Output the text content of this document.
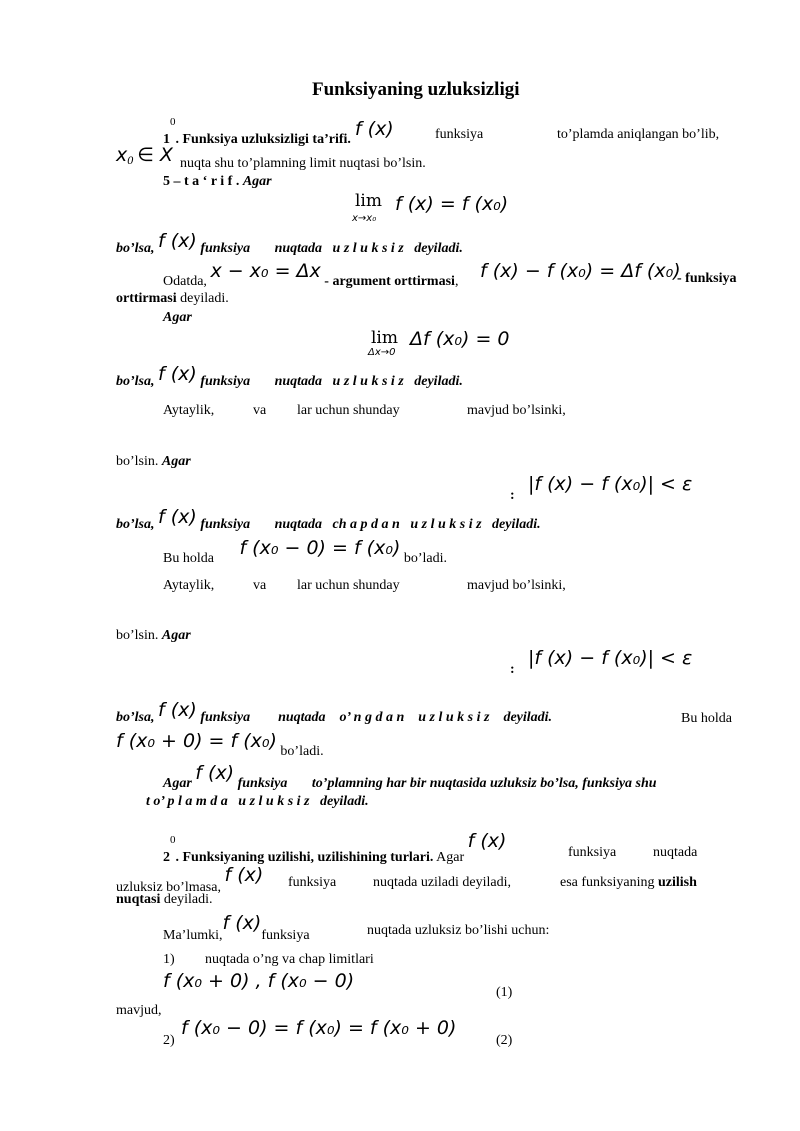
Funksiyaning uzluksizligi
$1^0$. Funksiya uzluksizligi ta’rifi. f (x)	funksiya	to’plamda aniqlangan bo’lib,
x0 ∈ X nuqta shu to’plamning limit nuqtasi bo’lsin.
5 – t a ‘ r i f . Agar
lim
x→x₀
f (x) = f (x₀)
bo’lsa, f (x) funksiya       nuqtada   u z l u k s i z   deyiladi.
Odatda, x − x₀ = Δx - argument orttirmasi, f (x) − f (x₀) = Δf (x₀)
- funksiya
orttirmasi deyiladi.
Agar
lim
Δx→0
Δf (x₀) = 0
bo’lsa, f (x) funksiya       nuqtada   u z l u k s i z   deyiladi.
Aytaylik,	va lar uchun shunday	mavjud bo’lsinki,
bo’lsin. Agar
:
|f (x) − f (x₀)| < ε
bo’lsa, f (x) funksiya       nuqtada   ch a p d a n   u z l u k s i z   deyiladi.
Bu holda f (x₀ − 0) = f (x₀) bo’ladi.
Aytaylik,	va lar uchun shunday	mavjud bo’lsinki,
bo’lsin. Agar
:
|f (x) − f (x₀)| < ε
bo’lsa, f (x) funksiya        nuqtada    o’ n g d a n    u z l u k s i z    deyiladi.	Bu holda
f (x₀ + 0) = f (x₀) bo’ladi.
Agar f (x) funksiya       to’plamning har bir nuqtasida uzluksiz bo’lsa, funksiya shu
t o’ p l a m d a   u z l u k s i z   deyiladi.
$2^0$. Funksiyaning uzilishi, uzilishining turlari. Agar f (x)
funksiya	nuqtada
uzluksiz bo’lmasa, f (x) funksiya	nuqtada uziladi deyiladi,	esa funksiyaning uzilish
nuqtasi deyiladi.
Ma’lumki,f (x)funksiya	nuqtada uzluksiz bo’lishi uchun:
1) nuqtada o’ng va chap limitlari
f (x₀ + 0) , f (x₀ − 0)
(1)
mavjud,
2)
f (x₀ − 0) = f (x₀) = f (x₀ + 0)
(2)
